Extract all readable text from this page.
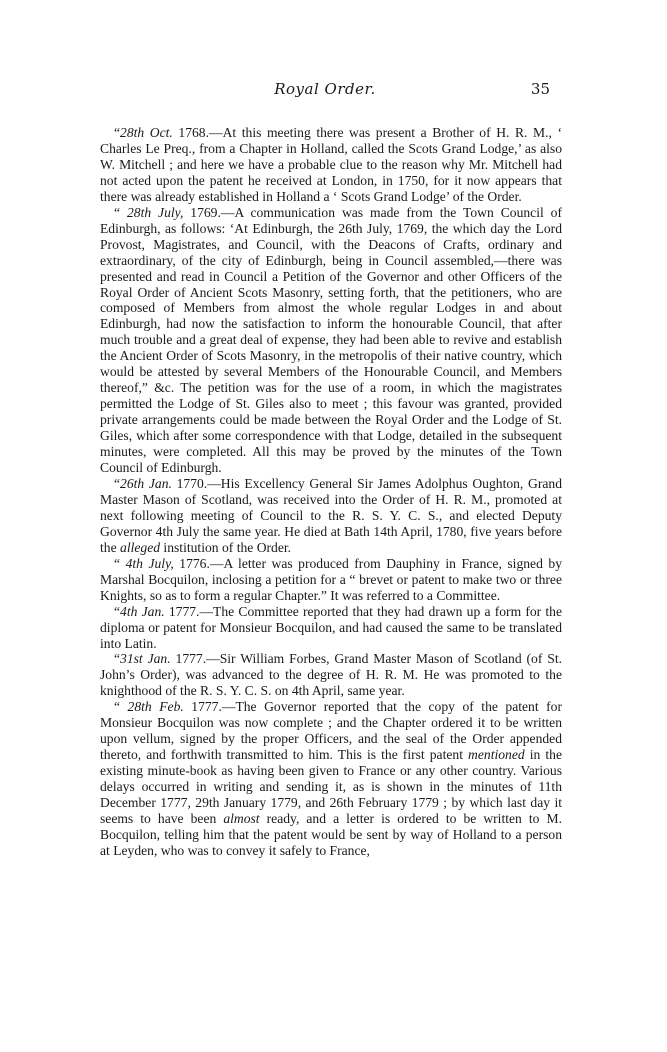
Royal Order.	35

“28th Oct. 1768.—At this meeting there was present a Brother of H. R. M., ‘ Charles Le Preq., from a Chapter in Holland, called the Scots Grand Lodge,’ as also W. Mitchell ; and here we have a probable clue to the reason why Mr. Mitchell had not acted upon the patent he received at London, in 1750, for it now appears that there was already established in Holland a ‘ Scots Grand Lodge’ of the Order.

“ 28th July, 1769.—A communication was made from the Town Council of Edinburgh, as follows: ‘At Edinburgh, the 26th July, 1769, the which day the Lord Provost, Magistrates, and Council, with the Deacons of Crafts, ordinary and extraordinary, of the city of Edinburgh, being in Council assembled,—there was presented and read in Council a Petition of the Governor and other Officers of the Royal Order of Ancient Scots Masonry, setting forth, that the petitioners, who are composed of Members from almost the whole regular Lodges in and about Edinburgh, had now the satisfaction to inform the honourable Council, that after much trouble and a great deal of expense, they had been able to revive and establish the Ancient Order of Scots Masonry, in the metropolis of their native country, which would be attested by several Members of the Honourable Council, and Members thereof,” &c. The petition was for the use of a room, in which the magistrates permitted the Lodge of St. Giles also to meet ; this favour was granted, provided private arrangements could be made between the Royal Order and the Lodge of St. Giles, which after some correspondence with that Lodge, detailed in the subsequent minutes, were completed. All this may be proved by the minutes of the Town Council of Edinburgh.

“26th Jan. 1770.—His Excellency General Sir James Adolphus Oughton, Grand Master Mason of Scotland, was received into the Order of H. R. M., promoted at next following meeting of Council to the R. S. Y. C. S., and elected Deputy Governor 4th July the same year. He died at Bath 14th April, 1780, five years before the alleged institution of the Order.

“ 4th July, 1776.—A letter was produced from Dauphiny in France, signed by Marshal Bocquilon, inclosing a petition for a “ brevet or patent to make two or three Knights, so as to form a regular Chapter.” It was referred to a Committee.

“4th Jan. 1777.—The Committee reported that they had drawn up a form for the diploma or patent for Monsieur Bocquilon, and had caused the same to be translated into Latin.

“31st Jan. 1777.—Sir William Forbes, Grand Master Mason of Scotland (of St. John’s Order), was advanced to the degree of H. R. M. He was promoted to the knighthood of the R. S. Y. C. S. on 4th April, same year.

“ 28th Feb. 1777.—The Governor reported that the copy of the patent for Monsieur Bocquilon was now complete ; and the Chapter ordered it to be written upon vellum, signed by the proper Officers, and the seal of the Order appended thereto, and forthwith transmitted to him. This is the first patent mentioned in the existing minute-book as having been given to France or any other country. Various delays occurred in writing and sending it, as is shown in the minutes of 11th December 1777, 29th January 1779, and 26th February 1779 ; by which last day it seems to have been almost ready, and a letter is ordered to be written to M. Bocquilon, telling him that the patent would be sent by way of Holland to a person at Leyden, who was to convey it safely to France,
